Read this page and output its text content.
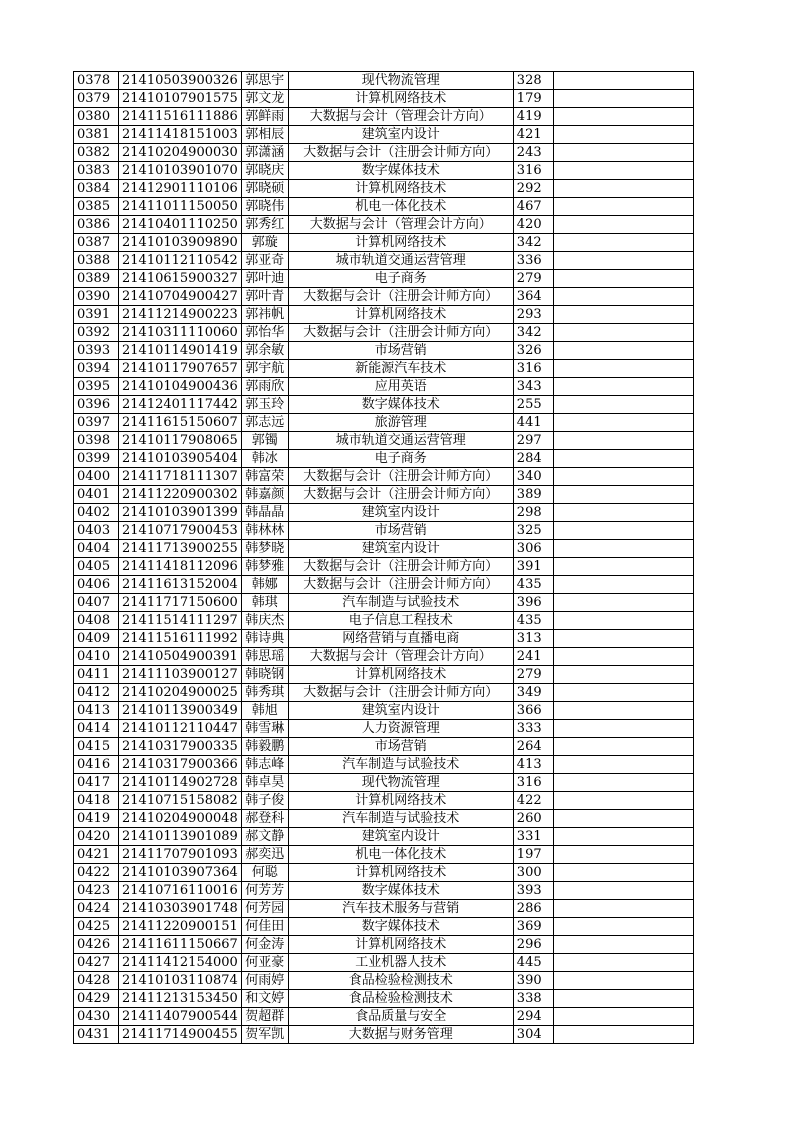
0378	21410503900326	郭思宇	现代物流管理	328	
0379	21410107901575	郭文龙	计算机网络技术	179	
0380	21411516111886	郭鲜雨	大数据与会计（管理会计方向）	419	
0381	21411418151003	郭相辰	建筑室内设计	421	
0382	21410204900030	郭潇涵	大数据与会计（注册会计师方向）	243	
0383	21410103901070	郭晓庆	数字媒体技术	316	
0384	21412901110106	郭晓硕	计算机网络技术	292	
0385	21411011150050	郭晓伟	机电一体化技术	467	
0386	21410401110250	郭秀红	大数据与会计（管理会计方向）	420	
0387	21410103909890	郭璇	计算机网络技术	342	
0388	21410112110542	郭亚奇	城市轨道交通运营管理	336	
0389	21410615900327	郭叶迪	电子商务	279	
0390	21410704900427	郭叶青	大数据与会计（注册会计师方向）	364	
0391	21411214900223	郭祎帆	计算机网络技术	293	
0392	21410311110060	郭怡华	大数据与会计（注册会计师方向）	342	
0393	21410114901419	郭余敏	市场营销	326	
0394	21410117907657	郭宇航	新能源汽车技术	316	
0395	21410104900436	郭雨欣	应用英语	343	
0396	21412401117442	郭玉玲	数字媒体技术	255	
0397	21411615150607	郭志远	旅游管理	441	
0398	21410117908065	郭镯	城市轨道交通运营管理	297	
0399	21410103905404	韩冰	电子商务	284	
0400	21411718111307	韩富荣	大数据与会计（注册会计师方向）	340	
0401	21411220900302	韩嘉颜	大数据与会计（注册会计师方向）	389	
0402	21410103901399	韩晶晶	建筑室内设计	298	
0403	21410717900453	韩林林	市场营销	325	
0404	21411713900255	韩梦晓	建筑室内设计	306	
0405	21411418112096	韩梦雅	大数据与会计（注册会计师方向）	391	
0406	21411613152004	韩娜	大数据与会计（注册会计师方向）	435	
0407	21411717150600	韩琪	汽车制造与试验技术	396	
0408	21411514111297	韩庆杰	电子信息工程技术	435	
0409	21411516111992	韩诗典	网络营销与直播电商	313	
0410	21410504900391	韩思瑶	大数据与会计（管理会计方向）	241	
0411	21411103900127	韩晓钢	计算机网络技术	279	
0412	21410204900025	韩秀琪	大数据与会计（注册会计师方向）	349	
0413	21410113900349	韩旭	建筑室内设计	366	
0414	21410112110447	韩雪琳	人力资源管理	333	
0415	21410317900335	韩毅鹏	市场营销	264	
0416	21410317900366	韩志峰	汽车制造与试验技术	413	
0417	21410114902728	韩卓昊	现代物流管理	316	
0418	21410715158082	韩子俊	计算机网络技术	422	
0419	21410204900048	郝登科	汽车制造与试验技术	260	
0420	21410113901089	郝文静	建筑室内设计	331	
0421	21411707901093	郝奕迅	机电一体化技术	197	
0422	21410103907364	何聪	计算机网络技术	300	
0423	21410716110016	何芳芳	数字媒体技术	393	
0424	21410303901748	何芳园	汽车技术服务与营销	286	
0425	21411220900151	何佳田	数字媒体技术	369	
0426	21411611150667	何金涛	计算机网络技术	296	
0427	21411412154000	何亚豪	工业机器人技术	445	
0428	21410103110874	何雨婷	食品检验检测技术	390	
0429	21411213153450	和文婷	食品检验检测技术	338	
0430	21411407900544	贺超群	食品质量与安全	294	
0431	21411714900455	贺军凯	大数据与财务管理	304	
